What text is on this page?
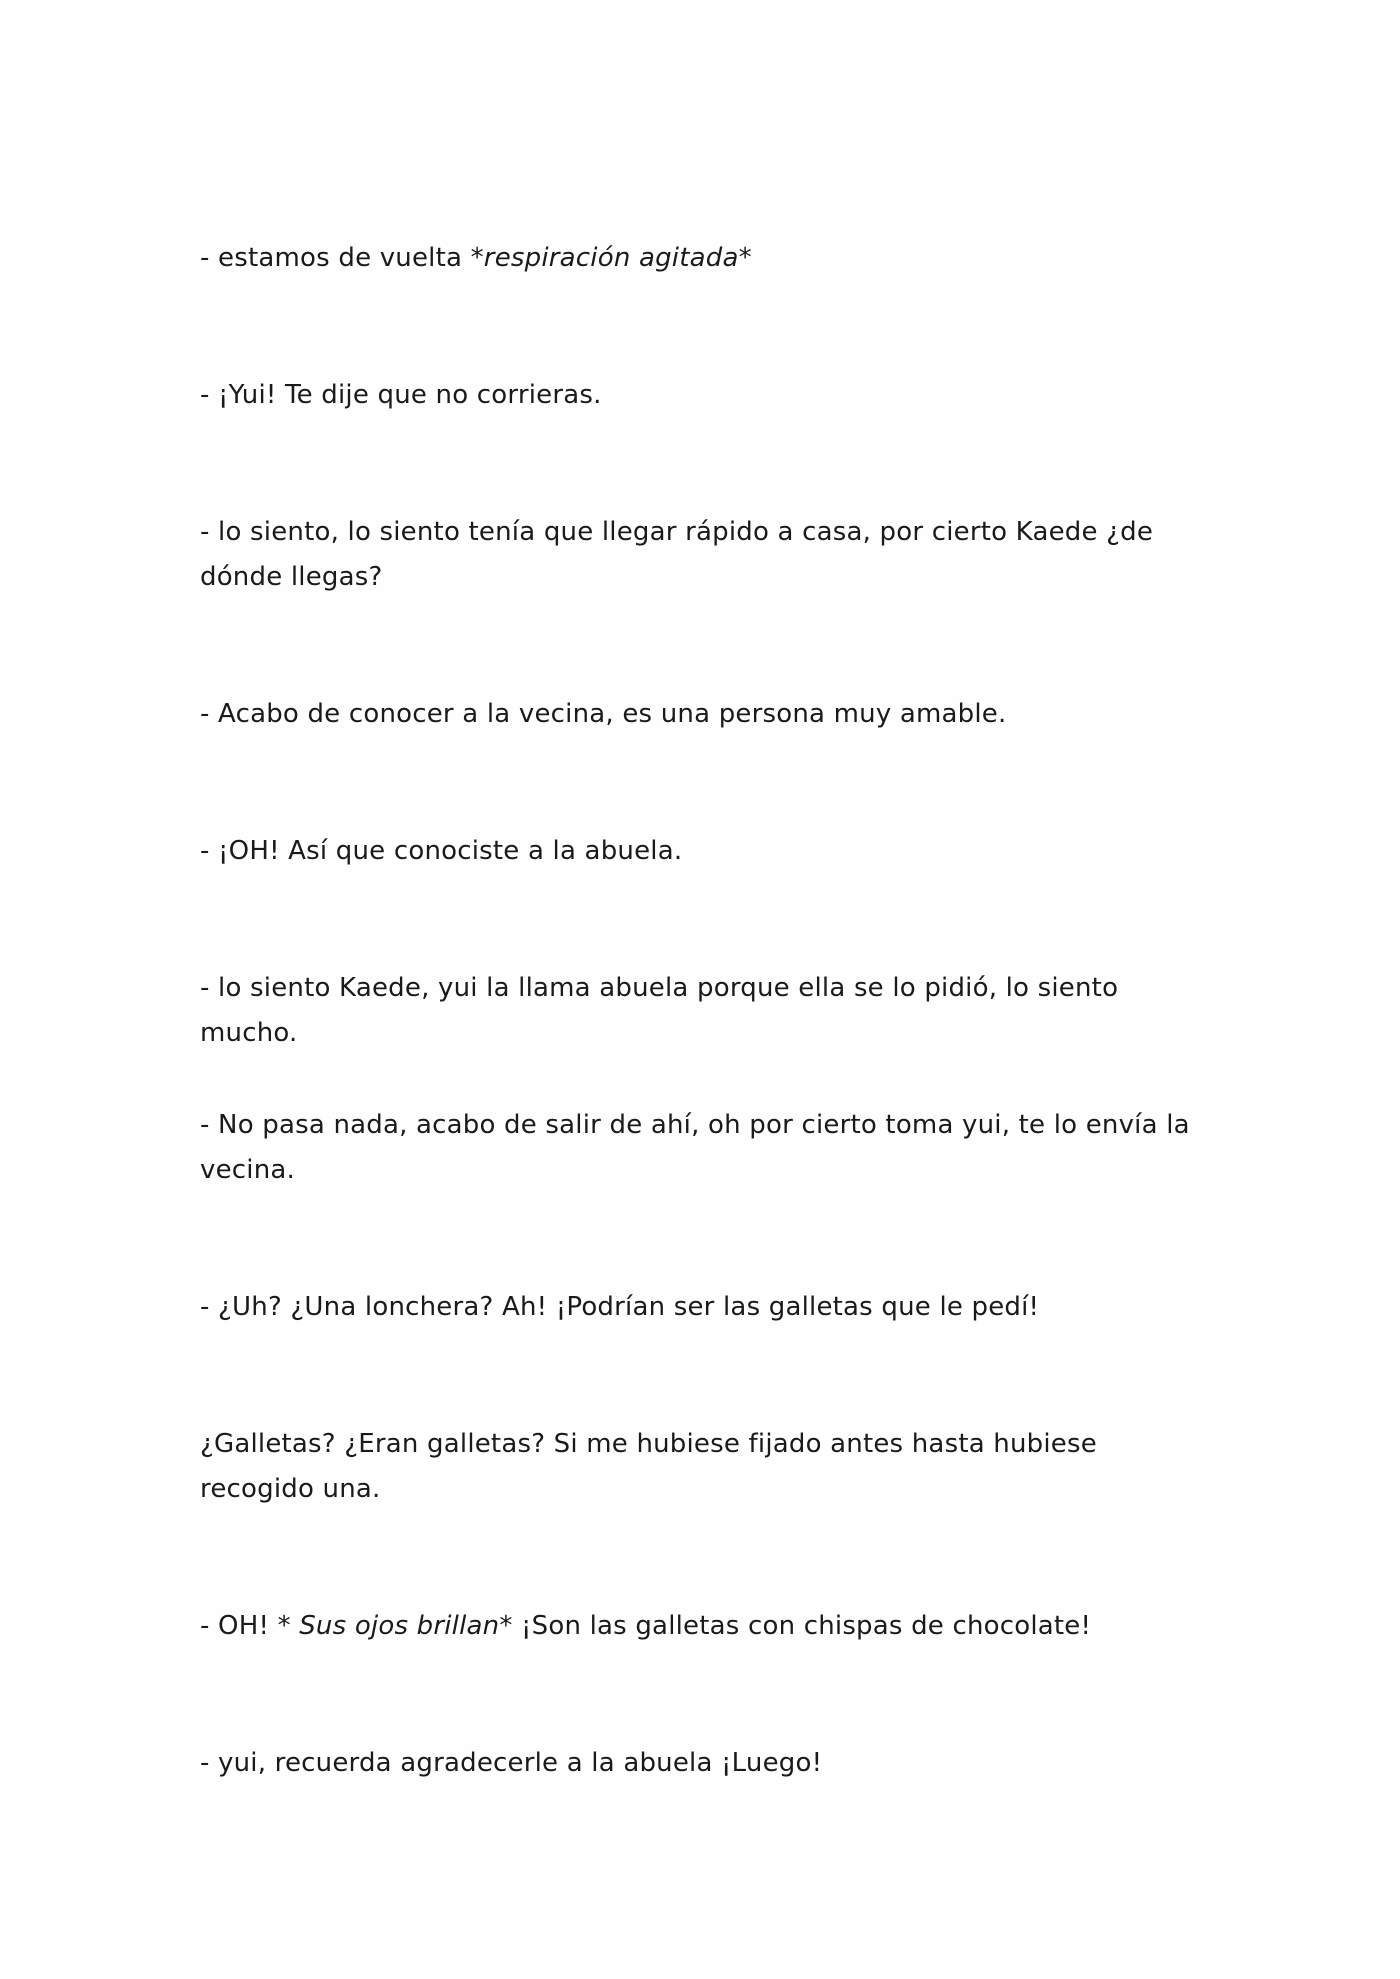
- estamos de vuelta *respiración agitada*

- ¡Yui! Te dije que no corrieras.

- lo siento, lo siento tenía que llegar rápido a casa, por cierto Kaede ¿de dónde llegas?

- Acabo de conocer a la vecina, es una persona muy amable.

- ¡OH! Así que conociste a la abuela.

- lo siento Kaede, yui la llama abuela porque ella se lo pidió, lo siento mucho.

- No pasa nada, acabo de salir de ahí, oh por cierto toma yui, te lo envía la vecina.

- ¿Uh? ¿Una lonchera? Ah! ¡Podrían ser las galletas que le pedí!

¿Galletas? ¿Eran galletas? Si me hubiese fijado antes hasta hubiese recogido una.

- OH! * Sus ojos brillan* ¡Son las galletas con chispas de chocolate!

- yui, recuerda agradecerle a la abuela ¡Luego!
